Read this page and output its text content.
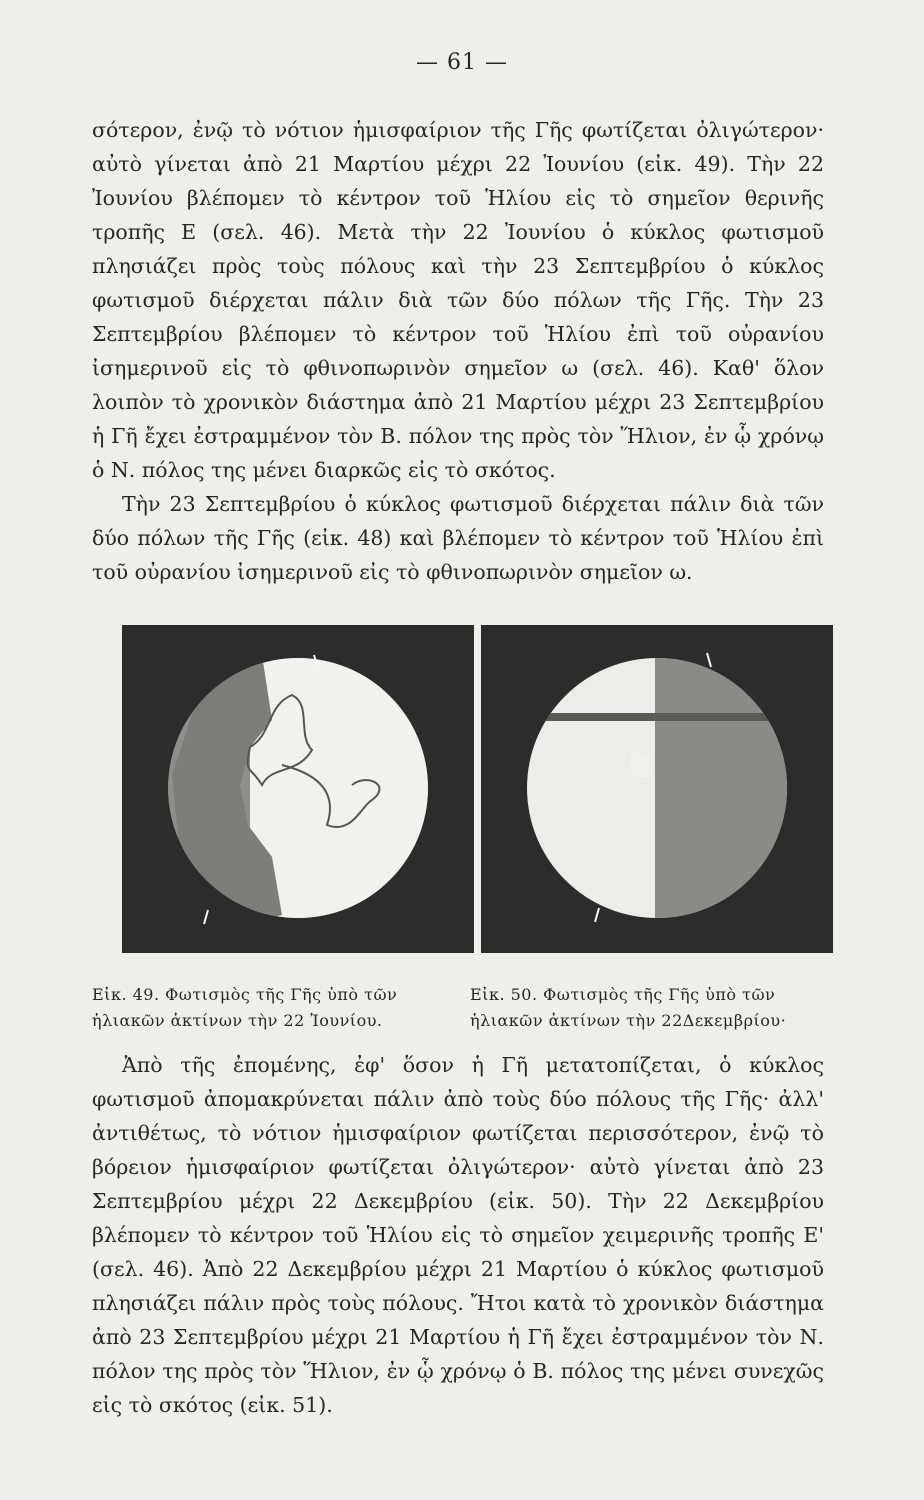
— 61 —

σότερον, ἐνῷ τὸ νότιον ἡμισφαίριον τῆς Γῆς φωτίζεται ὀλιγώτερον· αὐτὸ γίνεται ἀπὸ 21 Μαρτίου μέχρι 22 Ἰουνίου (εἰκ. 49). Τὴν 22 Ἰουνίου βλέπομεν τὸ κέντρον τοῦ Ἡλίου εἰς τὸ σημεῖον θερινῆς τροπῆς Ε (σελ. 46). Μετὰ τὴν 22 Ἰουνίου ὁ κύκλος φωτισμοῦ πλησιάζει πρὸς τοὺς πόλους καὶ τὴν 23 Σεπτεμβρίου ὁ κύκλος φωτισμοῦ διέρχεται πάλιν διὰ τῶν δύο πόλων τῆς Γῆς. Τὴν 23 Σεπτεμβρίου βλέπομεν τὸ κέντρον τοῦ Ἡλίου ἐπὶ τοῦ οὐρανίου ἰσημερινοῦ εἰς τὸ φθινοπωρινὸν σημεῖον ω (σελ. 46). Καθ' ὅλον λοιπὸν τὸ χρονικὸν διάστημα ἀπὸ 21 Μαρτίου μέχρι 23 Σεπτεμβρίου ἡ Γῆ ἔχει ἐστραμμένον τὸν Β. πόλον της πρὸς τὸν Ἥλιον, ἐν ᾧ χρόνῳ ὁ Ν. πόλος της μένει διαρκῶς εἰς τὸ σκότος.

Τὴν 23 Σεπτεμβρίου ὁ κύκλος φωτισμοῦ διέρχεται πάλιν διὰ τῶν δύο πόλων τῆς Γῆς (εἰκ. 48) καὶ βλέπομεν τὸ κέντρον τοῦ Ἡλίου ἐπὶ τοῦ οὐρανίου ἰσημερινοῦ εἰς τὸ φθινοπωρινὸν σημεῖον ω.

Εἰκ. 49. Φωτισμὸς τῆς Γῆς ὑπὸ τῶν ἡλιακῶν ἀκτίνων τὴν 22 Ἰουνίου.
Εἰκ. 50. Φωτισμὸς τῆς Γῆς ὑπὸ τῶν ἡλιακῶν ἀκτίνων τὴν 22Δεκεμβρίου·

Ἀπὸ τῆς ἐπομένης, ἐφ' ὅσον ἡ Γῆ μετατοπίζεται, ὁ κύκλος φωτισμοῦ ἀπομακρύνεται πάλιν ἀπὸ τοὺς δύο πόλους τῆς Γῆς· ἀλλ' ἀντιθέτως, τὸ νότιον ἡμισφαίριον φωτίζεται περισσότερον, ἐνῷ τὸ βόρειον ἡμισφαίριον φωτίζεται ὀλιγώτερον· αὐτὸ γίνεται ἀπὸ 23 Σεπτεμβρίου μέχρι 22 Δεκεμβρίου (εἰκ. 50). Τὴν 22 Δεκεμβρίου βλέπομεν τὸ κέντρον τοῦ Ἡλίου εἰς τὸ σημεῖον χειμερινῆς τροπῆς Ε' (σελ. 46). Ἀπὸ 22 Δεκεμβρίου μέχρι 21 Μαρτίου ὁ κύκλος φωτισμοῦ πλησιάζει πάλιν πρὸς τοὺς πόλους. Ἤτοι κατὰ τὸ χρονικὸν διάστημα ἀπὸ 23 Σεπτεμβρίου μέχρι 21 Μαρτίου ἡ Γῆ ἔχει ἐστραμμένον τὸν Ν. πόλον της πρὸς τὸν Ἥλιον, ἐν ᾧ χρόνῳ ὁ Β. πόλος της μένει συνεχῶς εἰς τὸ σκότος (εἰκ. 51).
